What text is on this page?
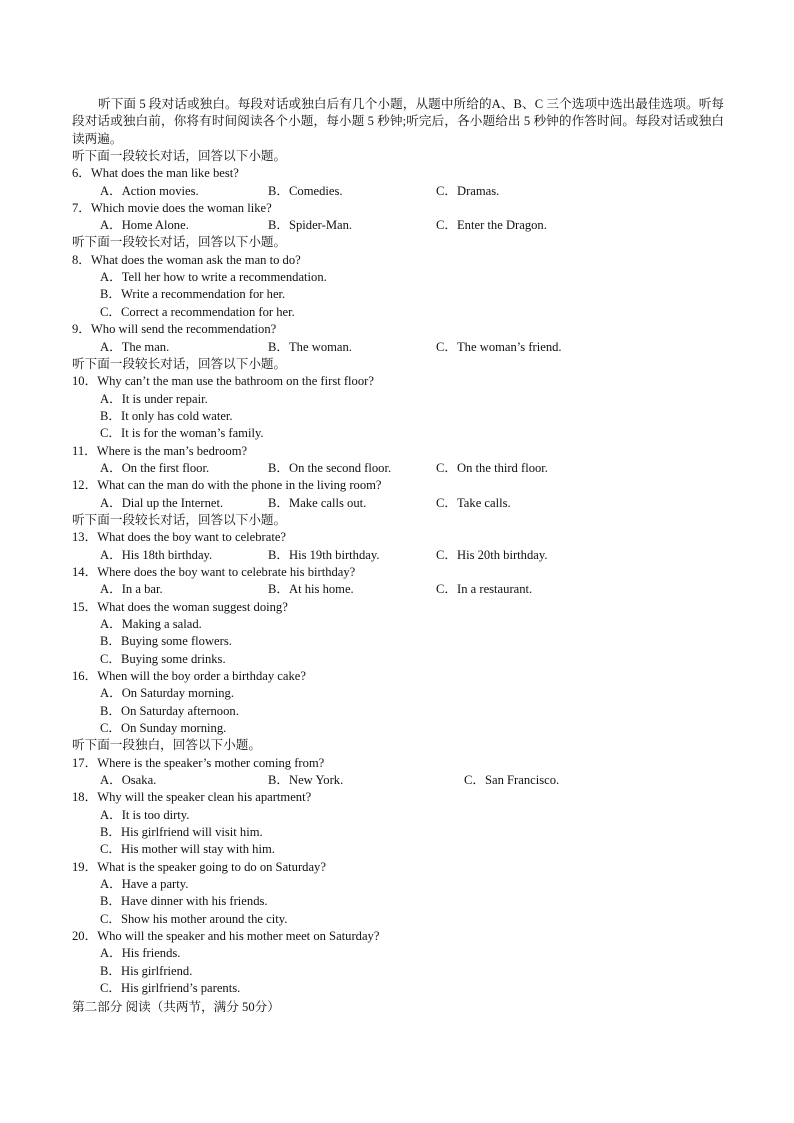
听下面 5 段对话或独白。每段对话或独白后有几个小题，从题中所给的A、B、C 三个选项中选出最佳选项。听每段对话或独白前，你将有时间阅读各个小题，每小题 5 秒钟;听完后，各小题给出 5 秒钟的作答时间。每段对话或独白读两遍。
听下面一段较长对话，回答以下小题。
6．What does the man like best?
A．Action movies.	B．Comedies.	C．Dramas.
7．Which movie does the woman like?
A．Home Alone.	B．Spider-Man.	C．Enter the Dragon.
听下面一段较长对话，回答以下小题。
8．What does the woman ask the man to do?
A．Tell her how to write a recommendation.
B．Write a recommendation for her.
C．Correct a recommendation for her.
9．Who will send the recommendation?
A．The man.	B．The woman.	C．The woman’s friend.
听下面一段较长对话，回答以下小题。
10．Why can’t the man use the bathroom on the first floor?
A．It is under repair.
B．It only has cold water.
C．It is for the woman’s family.
11．Where is the man’s bedroom?
A．On the first floor.	B．On the second floor.	C．On the third floor.
12．What can the man do with the phone in the living room?
A．Dial up the Internet.	B．Make calls out.	C．Take calls.
听下面一段较长对话，回答以下小题。
13．What does the boy want to celebrate?
A．His 18th birthday.	B．His 19th birthday.	C．His 20th birthday.
14．Where does the boy want to celebrate his birthday?
A．In a bar.	B．At his home.	C．In a restaurant.
15．What does the woman suggest doing?
A．Making a salad.
B．Buying some flowers.
C．Buying some drinks.
16．When will the boy order a birthday cake?
A．On Saturday morning.
B．On Saturday afternoon.
C．On Sunday morning.
听下面一段独白，回答以下小题。
17．Where is the speaker’s mother coming from?
A．Osaka.	B．New York.	C．San Francisco.
18．Why will the speaker clean his apartment?
A．It is too dirty.
B．His girlfriend will visit him.
C．His mother will stay with him.
19．What is the speaker going to do on Saturday?
A．Have a party.
B．Have dinner with his friends.
C．Show his mother around the city.
20．Who will the speaker and his mother meet on Saturday?
A．His friends.
B．His girlfriend.
C．His girlfriend’s parents.
第二部分 阅读（共两节，满分 50分）
